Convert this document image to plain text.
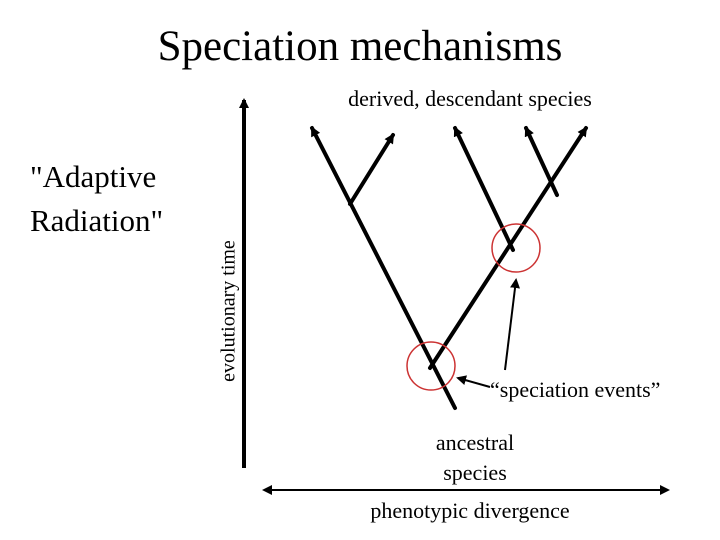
Speciation mechanisms
"Adaptive
Radiation"
derived, descendant species
evolutionary time
“speciation events”
ancestral
species
phenotypic divergence
